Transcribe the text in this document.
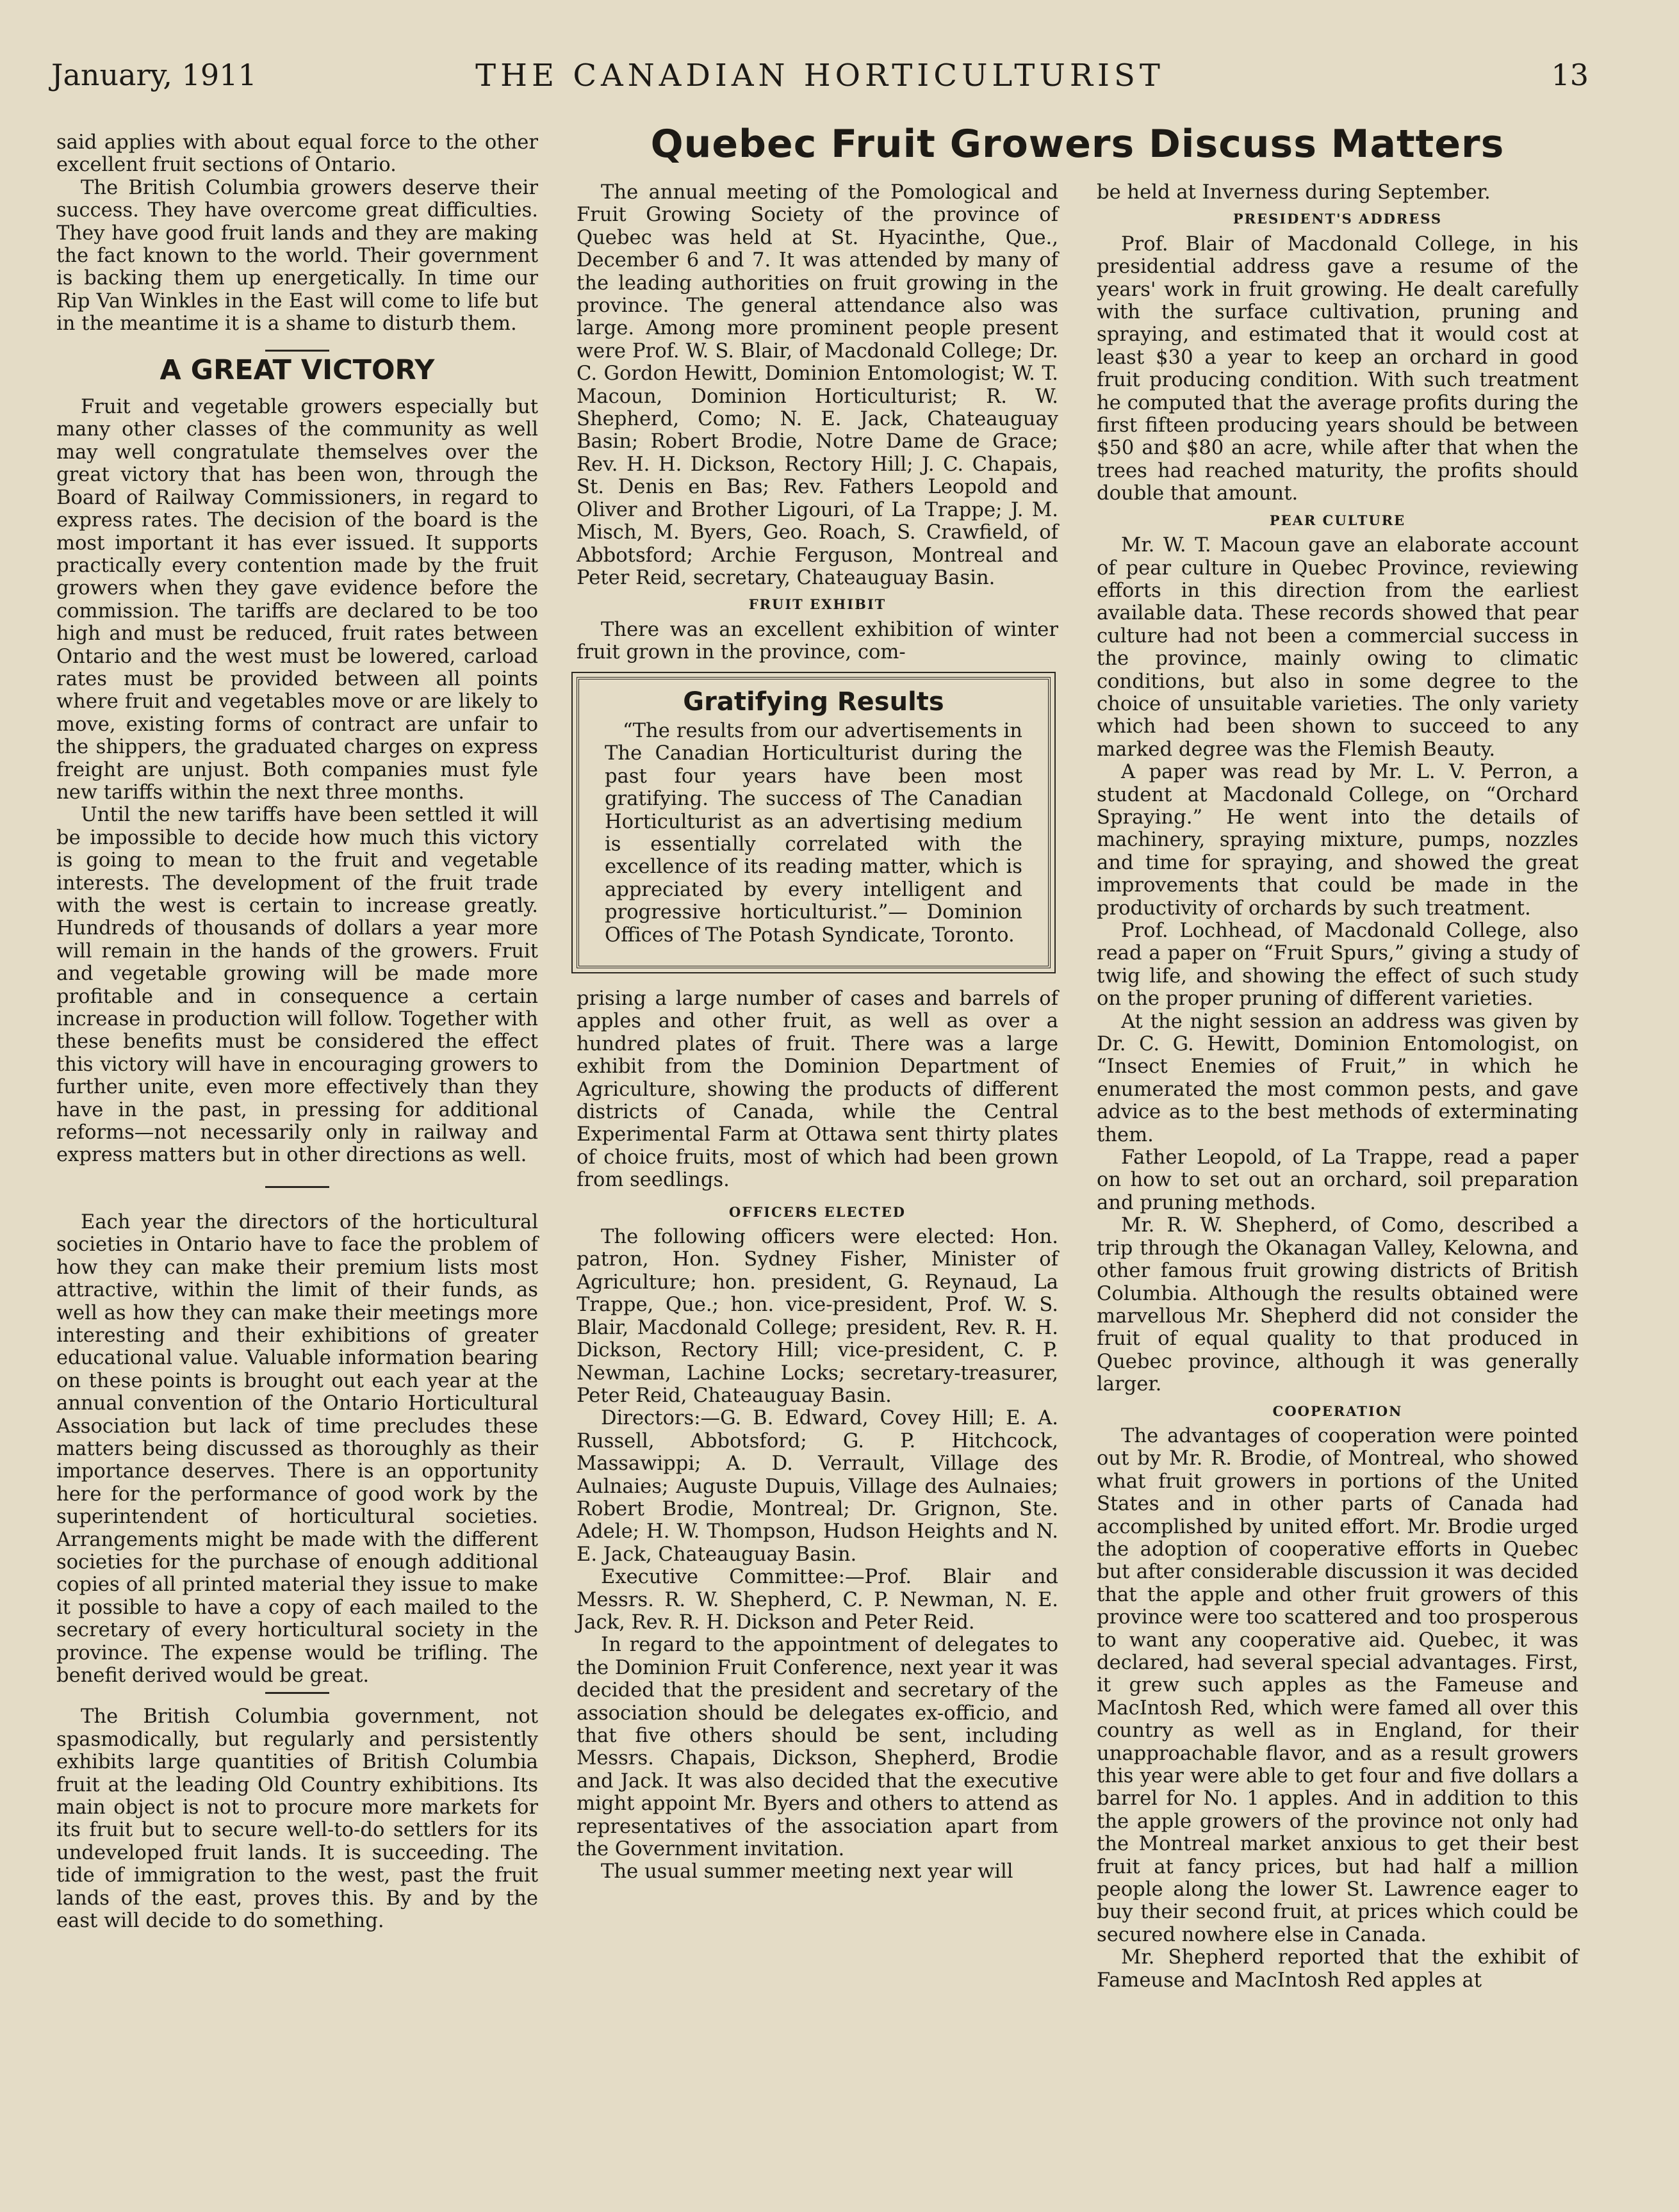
January, 1911	THE CANADIAN HORTICULTURIST	13

said applies with about equal force to the other excellent fruit sections of Ontario.

The British Columbia growers deserve their success. They have overcome great difficulties. They have good fruit lands and they are making the fact known to the world. Their government is backing them up energetically. In time our Rip Van Winkles in the East will come to life but in the meantime it is a shame to disturb them.

A GREAT VICTORY

Fruit and vegetable growers especially but many other classes of the community as well may well congratulate themselves over the great victory that has been won, through the Board of Railway Commissioners, in regard to express rates. The decision of the board is the most important it has ever issued. It supports practically every contention made by the fruit growers when they gave evidence before the commission. The tariffs are declared to be too high and must be reduced, fruit rates between Ontario and the west must be lowered, carload rates must be provided between all points where fruit and vegetables move or are likely to move, existing forms of contract are unfair to the shippers, the graduated charges on express freight are unjust. Both companies must fyle new tariffs within the next three months.

Until the new tariffs have been settled it will be impossible to decide how much this victory is going to mean to the fruit and vegetable interests. The development of the fruit trade with the west is certain to increase greatly. Hundreds of thousands of dollars a year more will remain in the hands of the growers. Fruit and vegetable growing will be made more profitable and in consequence a certain increase in production will follow. Together with these benefits must be considered the effect this victory will have in encouraging growers to further unite, even more effectively than they have in the past, in pressing for additional reforms—not necessarily only in railway and express matters but in other directions as well.

Each year the directors of the horticultural societies in Ontario have to face the problem of how they can make their premium lists most attractive, within the limit of their funds, as well as how they can make their meetings more interesting and their exhibitions of greater educational value. Valuable information bearing on these points is brought out each year at the annual convention of the Ontario Horticultural Association but lack of time precludes these matters being discussed as thoroughly as their importance deserves. There is an opportunity here for the performance of good work by the superintendent of horticultural societies. Arrangements might be made with the different societies for the purchase of enough additional copies of all printed material they issue to make it possible to have a copy of each mailed to the secretary of every horticultural society in the province. The expense would be trifling. The benefit derived would be great.

The British Columbia government, not spasmodically, but regularly and persistently exhibits large quantities of British Columbia fruit at the leading Old Country exhibitions. Its main object is not to procure more markets for its fruit but to secure well-to-do settlers for its undeveloped fruit lands. It is succeeding. The tide of immigration to the west, past the fruit lands of the east, proves this. By and by the east will decide to do something.

Quebec Fruit Growers Discuss Matters

The annual meeting of the Pomological and Fruit Growing Society of the province of Quebec was held at St. Hyacinthe, Que., December 6 and 7. It was attended by many of the leading authorities on fruit growing in the province. The general attendance also was large. Among more prominent people present were Prof. W. S. Blair, of Macdonald College; Dr. C. Gordon Hewitt, Dominion Entomologist; W. T. Macoun, Dominion Horticulturist; R. W. Shepherd, Como; N. E. Jack, Chateauguay Basin; Robert Brodie, Notre Dame de Grace; Rev. H. H. Dickson, Rectory Hill; J. C. Chapais, St. Denis en Bas; Rev. Fathers Leopold and Oliver and Brother Ligouri, of La Trappe; J. M. Misch, M. Byers, Geo. Roach, S. Crawfield, of Abbotsford; Archie Ferguson, Montreal and Peter Reid, secretary, Chateauguay Basin.

FRUIT EXHIBIT

There was an excellent exhibition of winter fruit grown in the province, com-

Gratifying Results

“The results from our advertisements in The Canadian Horticulturist during the past four years have been most gratifying. The success of The Canadian Horticulturist as an advertising medium is essentially correlated with the excellence of its reading matter, which is appreciated by every intelligent and progressive horticulturist.”— Dominion Offices of The Potash Syndicate, Toronto.

prising a large number of cases and barrels of apples and other fruit, as well as over a hundred plates of fruit. There was a large exhibit from the Dominion Department of Agriculture, showing the products of different districts of Canada, while the Central Experimental Farm at Ottawa sent thirty plates of choice fruits, most of which had been grown from seedlings.

OFFICERS ELECTED

The following officers were elected: Hon. patron, Hon. Sydney Fisher, Minister of Agriculture; hon. president, G. Reynaud, La Trappe, Que.; hon. vice-president, Prof. W. S. Blair, Macdonald College; president, Rev. R. H. Dickson, Rectory Hill; vice-president, C. P. Newman, Lachine Locks; secretary-treasurer, Peter Reid, Chateauguay Basin.

Directors:—G. B. Edward, Covey Hill; E. A. Russell, Abbotsford; G. P. Hitchcock, Massawippi; A. D. Verrault, Village des Aulnaies; Auguste Dupuis, Village des Aulnaies; Robert Brodie, Montreal; Dr. Grignon, Ste. Adele; H. W. Thompson, Hudson Heights and N. E. Jack, Chateauguay Basin.

Executive Committee:—Prof. Blair and Messrs. R. W. Shepherd, C. P. Newman, N. E. Jack, Rev. R. H. Dickson and Peter Reid.

In regard to the appointment of delegates to the Dominion Fruit Conference, next year it was decided that the president and secretary of the association should be delegates ex-officio, and that five others should be sent, including Messrs. Chapais, Dickson, Shepherd, Brodie and Jack. It was also decided that the executive might appoint Mr. Byers and others to attend as representatives of the association apart from the Government invitation.

The usual summer meeting next year will

be held at Inverness during September.

PRESIDENT'S ADDRESS

Prof. Blair of Macdonald College, in his presidential address gave a resume of the years' work in fruit growing. He dealt carefully with the surface cultivation, pruning and spraying, and estimated that it would cost at least $30 a year to keep an orchard in good fruit producing condition. With such treatment he computed that the average profits during the first fifteen producing years should be between $50 and $80 an acre, while after that when the trees had reached maturity, the profits should double that amount.

PEAR CULTURE

Mr. W. T. Macoun gave an elaborate account of pear culture in Quebec Province, reviewing efforts in this direction from the earliest available data. These records showed that pear culture had not been a commercial success in the province, mainly owing to climatic conditions, but also in some degree to the choice of unsuitable varieties. The only variety which had been shown to succeed to any marked degree was the Flemish Beauty.

A paper was read by Mr. L. V. Perron, a student at Macdonald College, on “Orchard Spraying.” He went into the details of machinery, spraying mixture, pumps, nozzles and time for spraying, and showed the great improvements that could be made in the productivity of orchards by such treatment.

Prof. Lochhead, of Macdonald College, also read a paper on “Fruit Spurs,” giving a study of twig life, and showing the effect of such study on the proper pruning of different varieties.

At the night session an address was given by Dr. C. G. Hewitt, Dominion Entomologist, on “Insect Enemies of Fruit,” in which he enumerated the most common pests, and gave advice as to the best methods of exterminating them.

Father Leopold, of La Trappe, read a paper on how to set out an orchard, soil preparation and pruning methods.

Mr. R. W. Shepherd, of Como, described a trip through the Okanagan Valley, Kelowna, and other famous fruit growing districts of British Columbia. Although the results obtained were marvellous Mr. Shepherd did not consider the fruit of equal quality to that produced in Quebec province, although it was generally larger.

COOPERATION

The advantages of cooperation were pointed out by Mr. R. Brodie, of Montreal, who showed what fruit growers in portions of the United States and in other parts of Canada had accomplished by united effort. Mr. Brodie urged the adoption of cooperative efforts in Quebec but after considerable discussion it was decided that the apple and other fruit growers of this province were too scattered and too prosperous to want any cooperative aid. Quebec, it was declared, had several special advantages. First, it grew such apples as the Fameuse and MacIntosh Red, which were famed all over this country as well as in England, for their unapproachable flavor, and as a result growers this year were able to get four and five dollars a barrel for No. 1 apples. And in addition to this the apple growers of the province not only had the Montreal market anxious to get their best fruit at fancy prices, but had half a million people along the lower St. Lawrence eager to buy their second fruit, at prices which could be secured nowhere else in Canada.

Mr. Shepherd reported that the exhibit of Fameuse and MacIntosh Red apples at
